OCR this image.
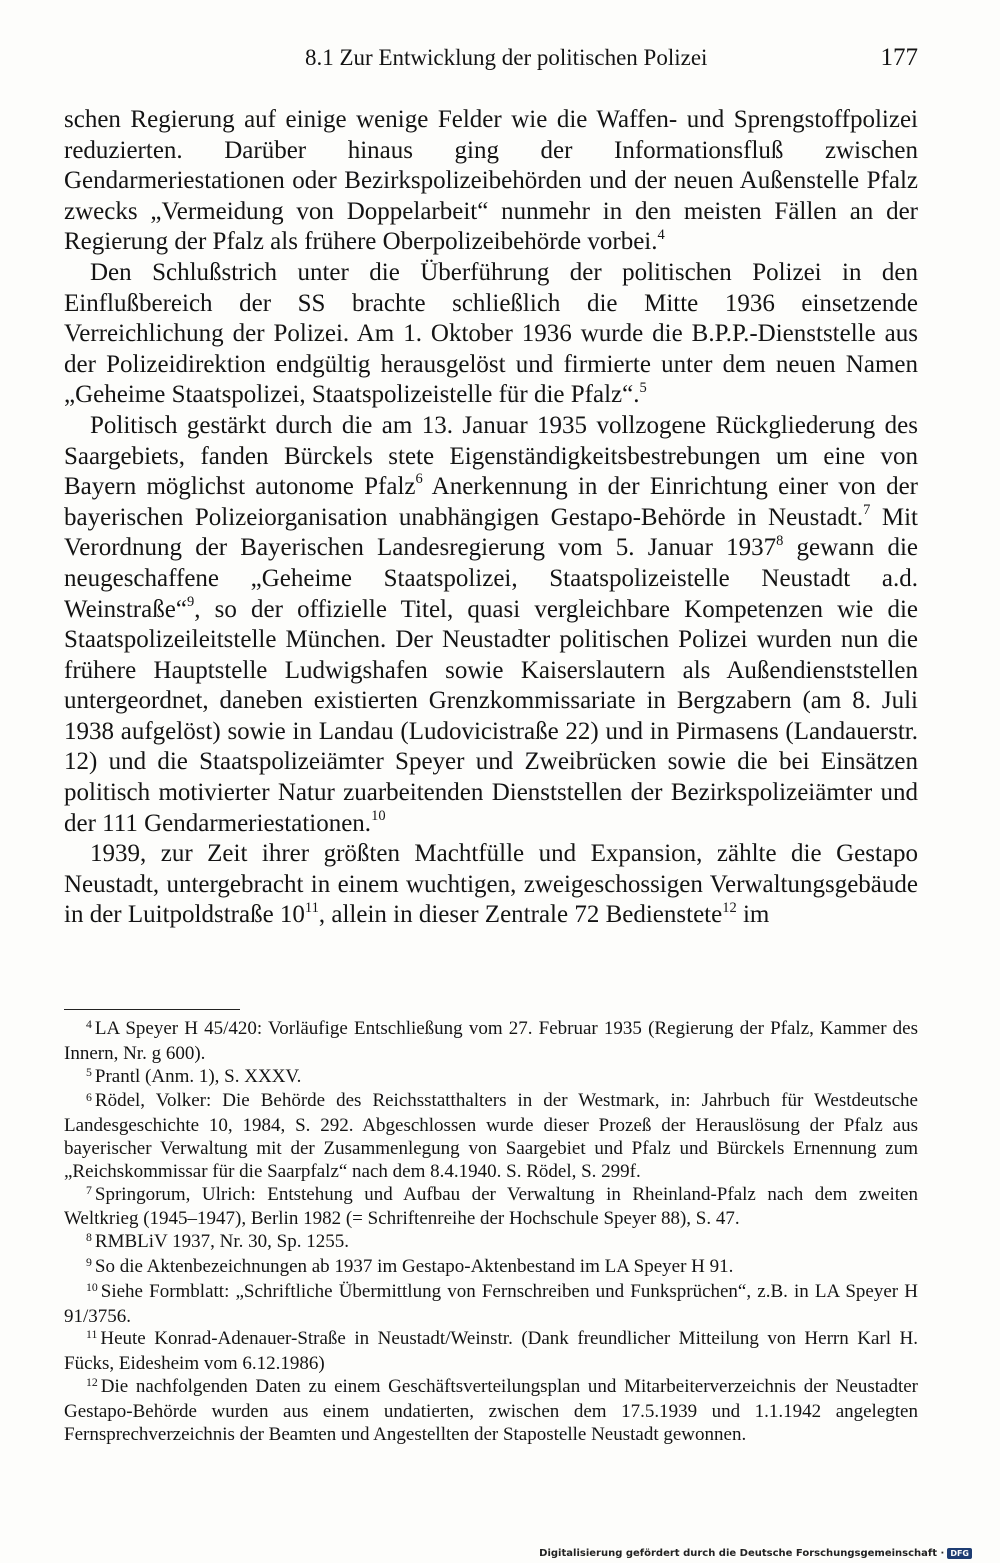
8.1 Zur Entwicklung der politischen Polizei	177

schen Regierung auf einige wenige Felder wie die Waffen- und Sprengstoffpolizei reduzierten. Darüber hinaus ging der Informationsfluß zwischen Gendarmeriestationen oder Bezirkspolizeibehörden und der neuen Außenstelle Pfalz zwecks „Vermeidung von Doppelarbeit“ nunmehr in den meisten Fällen an der Regierung der Pfalz als frühere Oberpolizeibehörde vorbei.$^4$

Den Schlußstrich unter die Überführung der politischen Polizei in den Einflußbereich der SS brachte schließlich die Mitte 1936 einsetzende Verreichlichung der Polizei. Am 1. Oktober 1936 wurde die B.P.P.-Dienststelle aus der Polizeidirektion endgültig herausgelöst und firmierte unter dem neuen Namen „Geheime Staatspolizei, Staatspolizeistelle für die Pfalz“.$^5$

Politisch gestärkt durch die am 13. Januar 1935 vollzogene Rückgliederung des Saargebiets, fanden Bürckels stete Eigenständigkeitsbestrebungen um eine von Bayern möglichst autonome Pfalz$^6$ Anerkennung in der Einrichtung einer von der bayerischen Polizeiorganisation unabhängigen Gestapo-Behörde in Neustadt.$^7$ Mit Verordnung der Bayerischen Landesregierung vom 5. Januar 1937$^8$ gewann die neugeschaffene „Geheime Staatspolizei, Staatspolizeistelle Neustadt a.d. Weinstraße“$^9$, so der offizielle Titel, quasi vergleichbare Kompetenzen wie die Staatspolizeileitstelle München. Der Neustadter politischen Polizei wurden nun die frühere Hauptstelle Ludwigshafen sowie Kaiserslautern als Außendienststellen untergeordnet, daneben existierten Grenzkommissariate in Bergzabern (am 8. Juli 1938 aufgelöst) sowie in Landau (Ludovicistraße 22) und in Pirmasens (Landauerstr. 12) und die Staatspolizeiämter Speyer und Zweibrücken sowie die bei Einsätzen politisch motivierter Natur zuarbeitenden Dienststellen der Bezirkspolizeiämter und der 111 Gendarmeriestationen.$^{10}$

1939, zur Zeit ihrer größten Machtfülle und Expansion, zählte die Gestapo Neustadt, untergebracht in einem wuchtigen, zweigeschossigen Verwaltungsgebäude in der Luitpoldstraße $10^{11}$, allein in dieser Zentrale 72 Bedienstete$^{12}$ im

$^4$ LA Speyer H 45/420: Vorläufige Entschließung vom 27. Februar 1935 (Regierung der Pfalz, Kammer des Innern, Nr. g 600).

$^5$ Prantl (Anm. 1), S. XXXV.

$^6$ Rödel, Volker: Die Behörde des Reichsstatthalters in der Westmark, in: Jahrbuch für Westdeutsche Landesgeschichte 10, 1984, S. 292. Abgeschlossen wurde dieser Prozeß der Herauslösung der Pfalz aus bayerischer Verwaltung mit der Zusammenlegung von Saargebiet und Pfalz und Bürckels Ernennung zum „Reichskommissar für die Saarpfalz“ nach dem 8.4.1940. S. Rödel, S. 299f.

$^7$ Springorum, Ulrich: Entstehung und Aufbau der Verwaltung in Rheinland-Pfalz nach dem zweiten Weltkrieg (1945–1947), Berlin 1982 (= Schriftenreihe der Hochschule Speyer 88), S. 47.

$^8$ RMBLiV 1937, Nr. 30, Sp. 1255.

$^9$ So die Aktenbezeichnungen ab 1937 im Gestapo-Aktenbestand im LA Speyer H 91.

$^{10}$ Siehe Formblatt: „Schriftliche Übermittlung von Fernschreiben und Funksprüchen“, z.B. in LA Speyer H 91/3756.

$^{11}$ Heute Konrad-Adenauer-Straße in Neustadt/Weinstr. (Dank freundlicher Mitteilung von Herrn Karl H. Fücks, Eidesheim vom 6.12.1986)

$^{12}$ Die nachfolgenden Daten zu einem Geschäftsverteilungsplan und Mitarbeiterverzeichnis der Neustadter Gestapo-Behörde wurden aus einem undatierten, zwischen dem 17.5.1939 und 1.1.1942 angelegten Fernsprechverzeichnis der Beamten und Angestellten der Stapostelle Neustadt gewonnen.

Digitalisierung gefördert durch die Deutsche Forschungsgemeinschaft · DFG
